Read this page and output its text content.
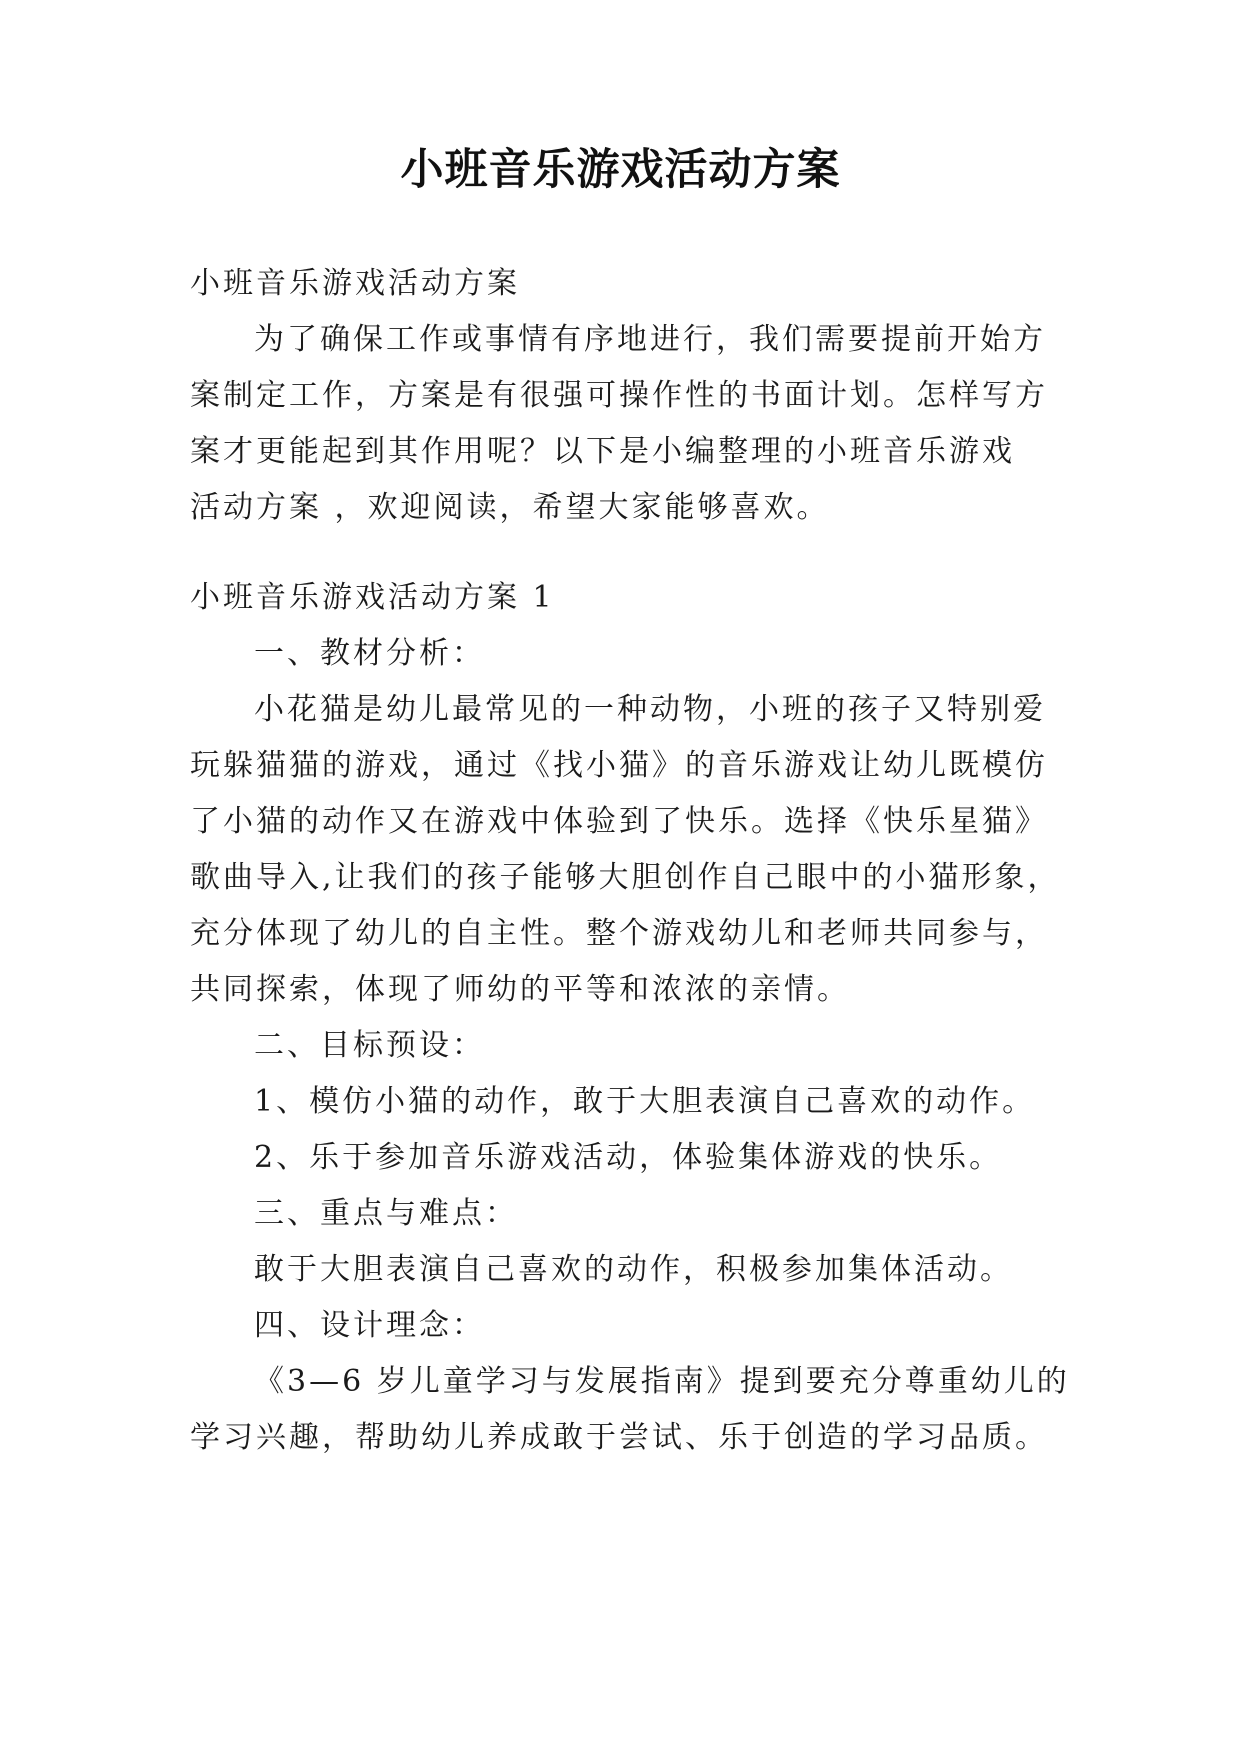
小班音乐游戏活动方案
小班音乐游戏活动方案
为了确保工作或事情有序地进行，我们需要提前开始方
案制定工作，方案是有很强可操作性的书面计划。怎样写方
案才更能起到其作用呢？以下是小编整理的小班音乐游戏
活动方案 ，欢迎阅读，希望大家能够喜欢。
小班音乐游戏活动方案 1
一、教材分析：
小花猫是幼儿最常见的一种动物，小班的孩子又特别爱
玩躲猫猫的游戏，通过《找小猫》的音乐游戏让幼儿既模仿
了小猫的动作又在游戏中体验到了快乐。选择《快乐星猫》
歌曲导入,让我们的孩子能够大胆创作自己眼中的小猫形象，
充分体现了幼儿的自主性。整个游戏幼儿和老师共同参与，
共同探索，体现了师幼的平等和浓浓的亲情。
二、目标预设：
1、模仿小猫的动作，敢于大胆表演自己喜欢的动作。
2、乐于参加音乐游戏活动，体验集体游戏的快乐。
三、重点与难点：
敢于大胆表演自己喜欢的动作，积极参加集体活动。
四、设计理念：
《3—6 岁儿童学习与发展指南》提到要充分尊重幼儿的
学习兴趣，帮助幼儿养成敢于尝试、乐于创造的学习品质。
